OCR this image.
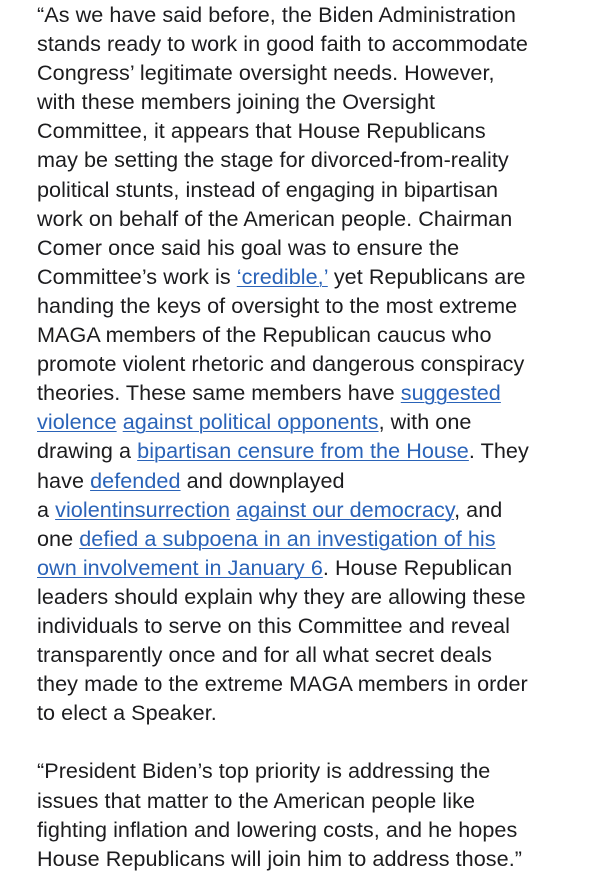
“As we have said before, the Biden Administration
stands ready to work in good faith to accommodate
Congress’ legitimate oversight needs. However,
with these members joining the Oversight
Committee, it appears that House Republicans
may be setting the stage for divorced-from-reality
political stunts, instead of engaging in bipartisan
work on behalf of the American people. Chairman
Comer once said his goal was to ensure the
Committee’s work is ‘credible,’ yet Republicans are
handing the keys of oversight to the most extreme
MAGA members of the Republican caucus who
promote violent rhetoric and dangerous conspiracy
theories. These same members have suggested
violence against political opponents, with one
drawing a bipartisan censure from the House. They
have defended and downplayed
a violentinsurrection against our democracy, and
one defied a subpoena in an investigation of his
own involvement in January 6. House Republican
leaders should explain why they are allowing these
individuals to serve on this Committee and reveal
transparently once and for all what secret deals
they made to the extreme MAGA members in order
to elect a Speaker.
“President Biden’s top priority is addressing the
issues that matter to the American people like
fighting inflation and lowering costs, and he hopes
House Republicans will join him to address those.”
